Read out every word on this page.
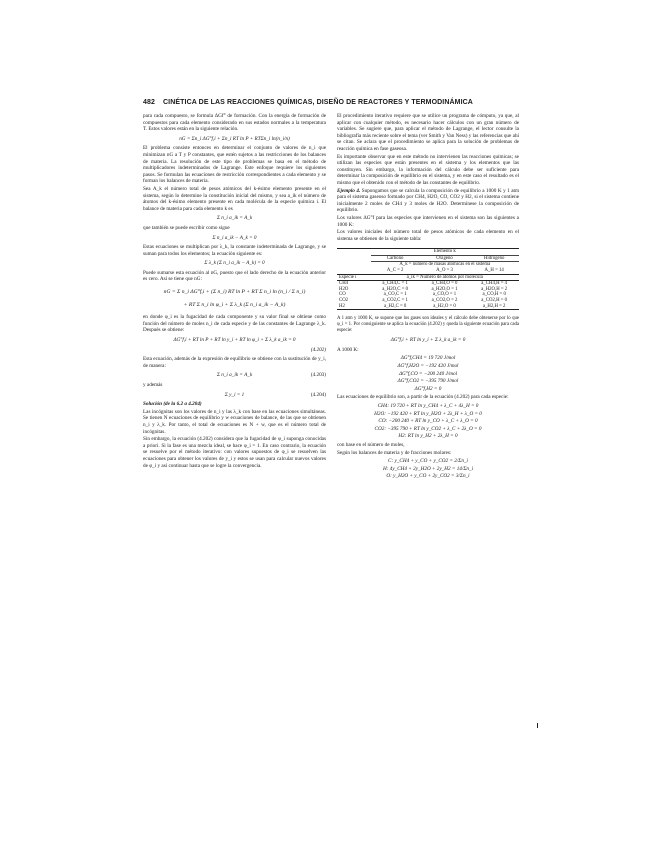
482 CINÉTICA DE LAS REACCIONES QUÍMICAS, DISEÑO DE REACTORES Y TERMODINÁMICA

para cada compuesto, se formula ΔGf° de formación. Con la energía de formación de compuestos para cada elemento considerado en sus estados normales a la temperatura T. Estos valores están en la siguiente relación.

nG = Σn_i ΔG°f,i + Σn_i RT ln P + RTΣn_i ln(n_i/n)

El problema consiste entonces en determinar el conjunto de valores de n_i que minimizan nG a T y P constantes, que estén sujetos a las restricciones de los balances de materia. La resolución de este tipo de problemas se basa en el método de multiplicadores indeterminados de Lagrange. Este enfoque requiere los siguientes pasos. Se formulan las ecuaciones de restricción correspondientes a cada elemento y se forman los balances de materia.

Sea A_k el número total de pesos atómicos del k-ésimo elemento presente en el sistema, según lo determine la constitución inicial del mismo, y sea a_ik el número de átomos del k-ésimo elemento presente en cada molécula de la especie química i. El balance de materia para cada elemento k es

Σ n_i a_ik = A_k

que también se puede escribir como sigue

Σ n_i a_ik − A_k = 0

Estas ecuaciones se multiplican por λ_k, la constante indeterminada de Lagrange, y se suman para todos los elementos; la ecuación siguiente es:

Σ λ_k (Σ n_i a_ik − A_k) = 0

Puede sumarse esta ecuación al nG, puesto que el lado derecho de la ecuación anterior es cero. Así se tiene que nG:

nG = Σ n_i ΔG°f,i + (Σ n_i) RT ln P + RT Σ n_i ln (n_i / Σ n_i)
+ RT Σ n_i ln φ_i + Σ λ_k (Σ n_i a_ik − A_k)

en donde φ_i es la fugacidad de cada componente y su valor final se obtiene como función del número de moles n_i de cada especie y de las constantes de Lagrange λ_k. Después se obtiene:

ΔG°f,i + RT ln P + RT ln y_i + RT ln φ_i + Σ λ_k a_ik = 0
(4.202)

Esta ecuación, además de la expresión de equilibrio se obtiene con la sustitución de y_i, de manera:

Σ n_i a_ik = A_k	(4.203)

y además

Σ y_i = 1	(4.204)

Solución (de la 6.2 a 4.204)

Las incógnitas son los valores de n_i y las λ_k con base en las ecuaciones simultáneas. Se tienen N ecuaciones de equilibrio y w ecuaciones de balance, de las que se obtienen n_i y λ_k. Por tanto, el total de ecuaciones es N + w, que es el número total de incógnitas.

Sin embargo, la ecuación (4.202) considera que la fugacidad de φ_i suponga conocidas a priori. Si la fase es una mezcla ideal, se hace φ_i = 1. En caso contrario, la ecuación se resuelve por el método iterativo: con valores supuestos de φ_i se resuelven las ecuaciones para obtener los valores de y_i y estos se usan para calcular nuevos valores de φ_i y así continuar hasta que se logre la convergencia.

El procedimiento iterativo requiere que se utilice un programa de cómputo, ya que, al aplicar con cualquier método, es necesario hacer cálculos con un gran número de variables. Se sugiere que, para aplicar el método de Lagrange, el lector consulte la bibliografía más reciente sobre el tema (ver Smith y Van Ness) y las referencias que ahí se citan. Se aclara que el procedimiento se aplica para la solución de problemas de reacción química en fase gaseosa.

Es importante observar que en este método no intervienen las reacciones químicas; se utilizan las especies que están presentes en el sistema y los elementos que las constituyen. Sin embargo, la información del cálculo debe ser suficiente para determinar la composición de equilibrio en el sistema, y en este caso el resultado es el mismo que el obtenido con el método de las constantes de equilibrio.

Ejemplo 4. Supongamos que se calcula la composición de equilibrio a 1000 K y 1 atm para el sistema gaseoso formado por CH4, H2O, CO, CO2 y H2, si el sistema contiene inicialmente 2 moles de CH4 y 3 moles de H2O. Determínese la composición de equilibrio.

Los valores ΔG°f para las especies que intervienen en el sistema son las siguientes a 1000 K:

Los valores iniciales del número total de pesos atómicos de cada elemento en el sistema se obtienen de la siguiente tabla:

	Elemento k		
	Carbono	Oxígeno	Hidrógeno
	A_k = número de masas atómicas en el sistema		
	A_C = 2	A_O = 3	A_H = 14
Especie i	a_ik = Número de átomos por molécula		
CH4	a_CH4,C = 1	a_CH4,O = 0	a_CH4,H = 4
H2O	a_H2O,C = 0	a_H2O,O = 1	a_H2O,H = 2
CO	a_CO,C = 1	a_CO,O = 1	a_CO,H = 0
CO2	a_CO2,C = 1	a_CO2,O = 2	a_CO2,H = 0
H2	a_H2,C = 0	a_H2,O = 0	a_H2,H = 2

A 1 atm y 1000 K, se supone que los gases son ideales y el cálculo debe obtenerse por lo que φ_i = 1. Por consiguiente se aplica la ecuación (4.202) y queda la siguiente ecuación para cada especie:

ΔG°f,i + RT ln y_i + Σ λ_k a_ik = 0

A 1000 K:

ΔG°f,CH4 = 19 720 J/mol
ΔG°f,H2O = −192 420 J/mol
ΔG°f,CO = −200 240 J/mol
ΔG°f,CO2 = −395 790 J/mol
ΔG°f,H2 = 0

Las ecuaciones de equilibrio son, a partir de la ecuación (4.202) para cada especie:

CH4: 19 720 + RT ln y_CH4 + λ_C + 4λ_H = 0
H2O: −192 420 + RT ln y_H2O + 2λ_H + λ_O = 0
CO: −200 240 + RT ln y_CO + λ_C + λ_O = 0
CO2: −395 790 + RT ln y_CO2 + λ_C + 2λ_O = 0
H2: RT ln y_H2 + 2λ_H = 0

con base en el número de moles,

Según los balances de materia y de fracciones molares:

C: y_CH4 + y_CO + y_CO2 = 2/Σn_i
H: 4y_CH4 + 2y_H2O + 2y_H2 = 14/Σn_i
O: y_H2O + y_CO + 2y_CO2 = 3/Σn_i
